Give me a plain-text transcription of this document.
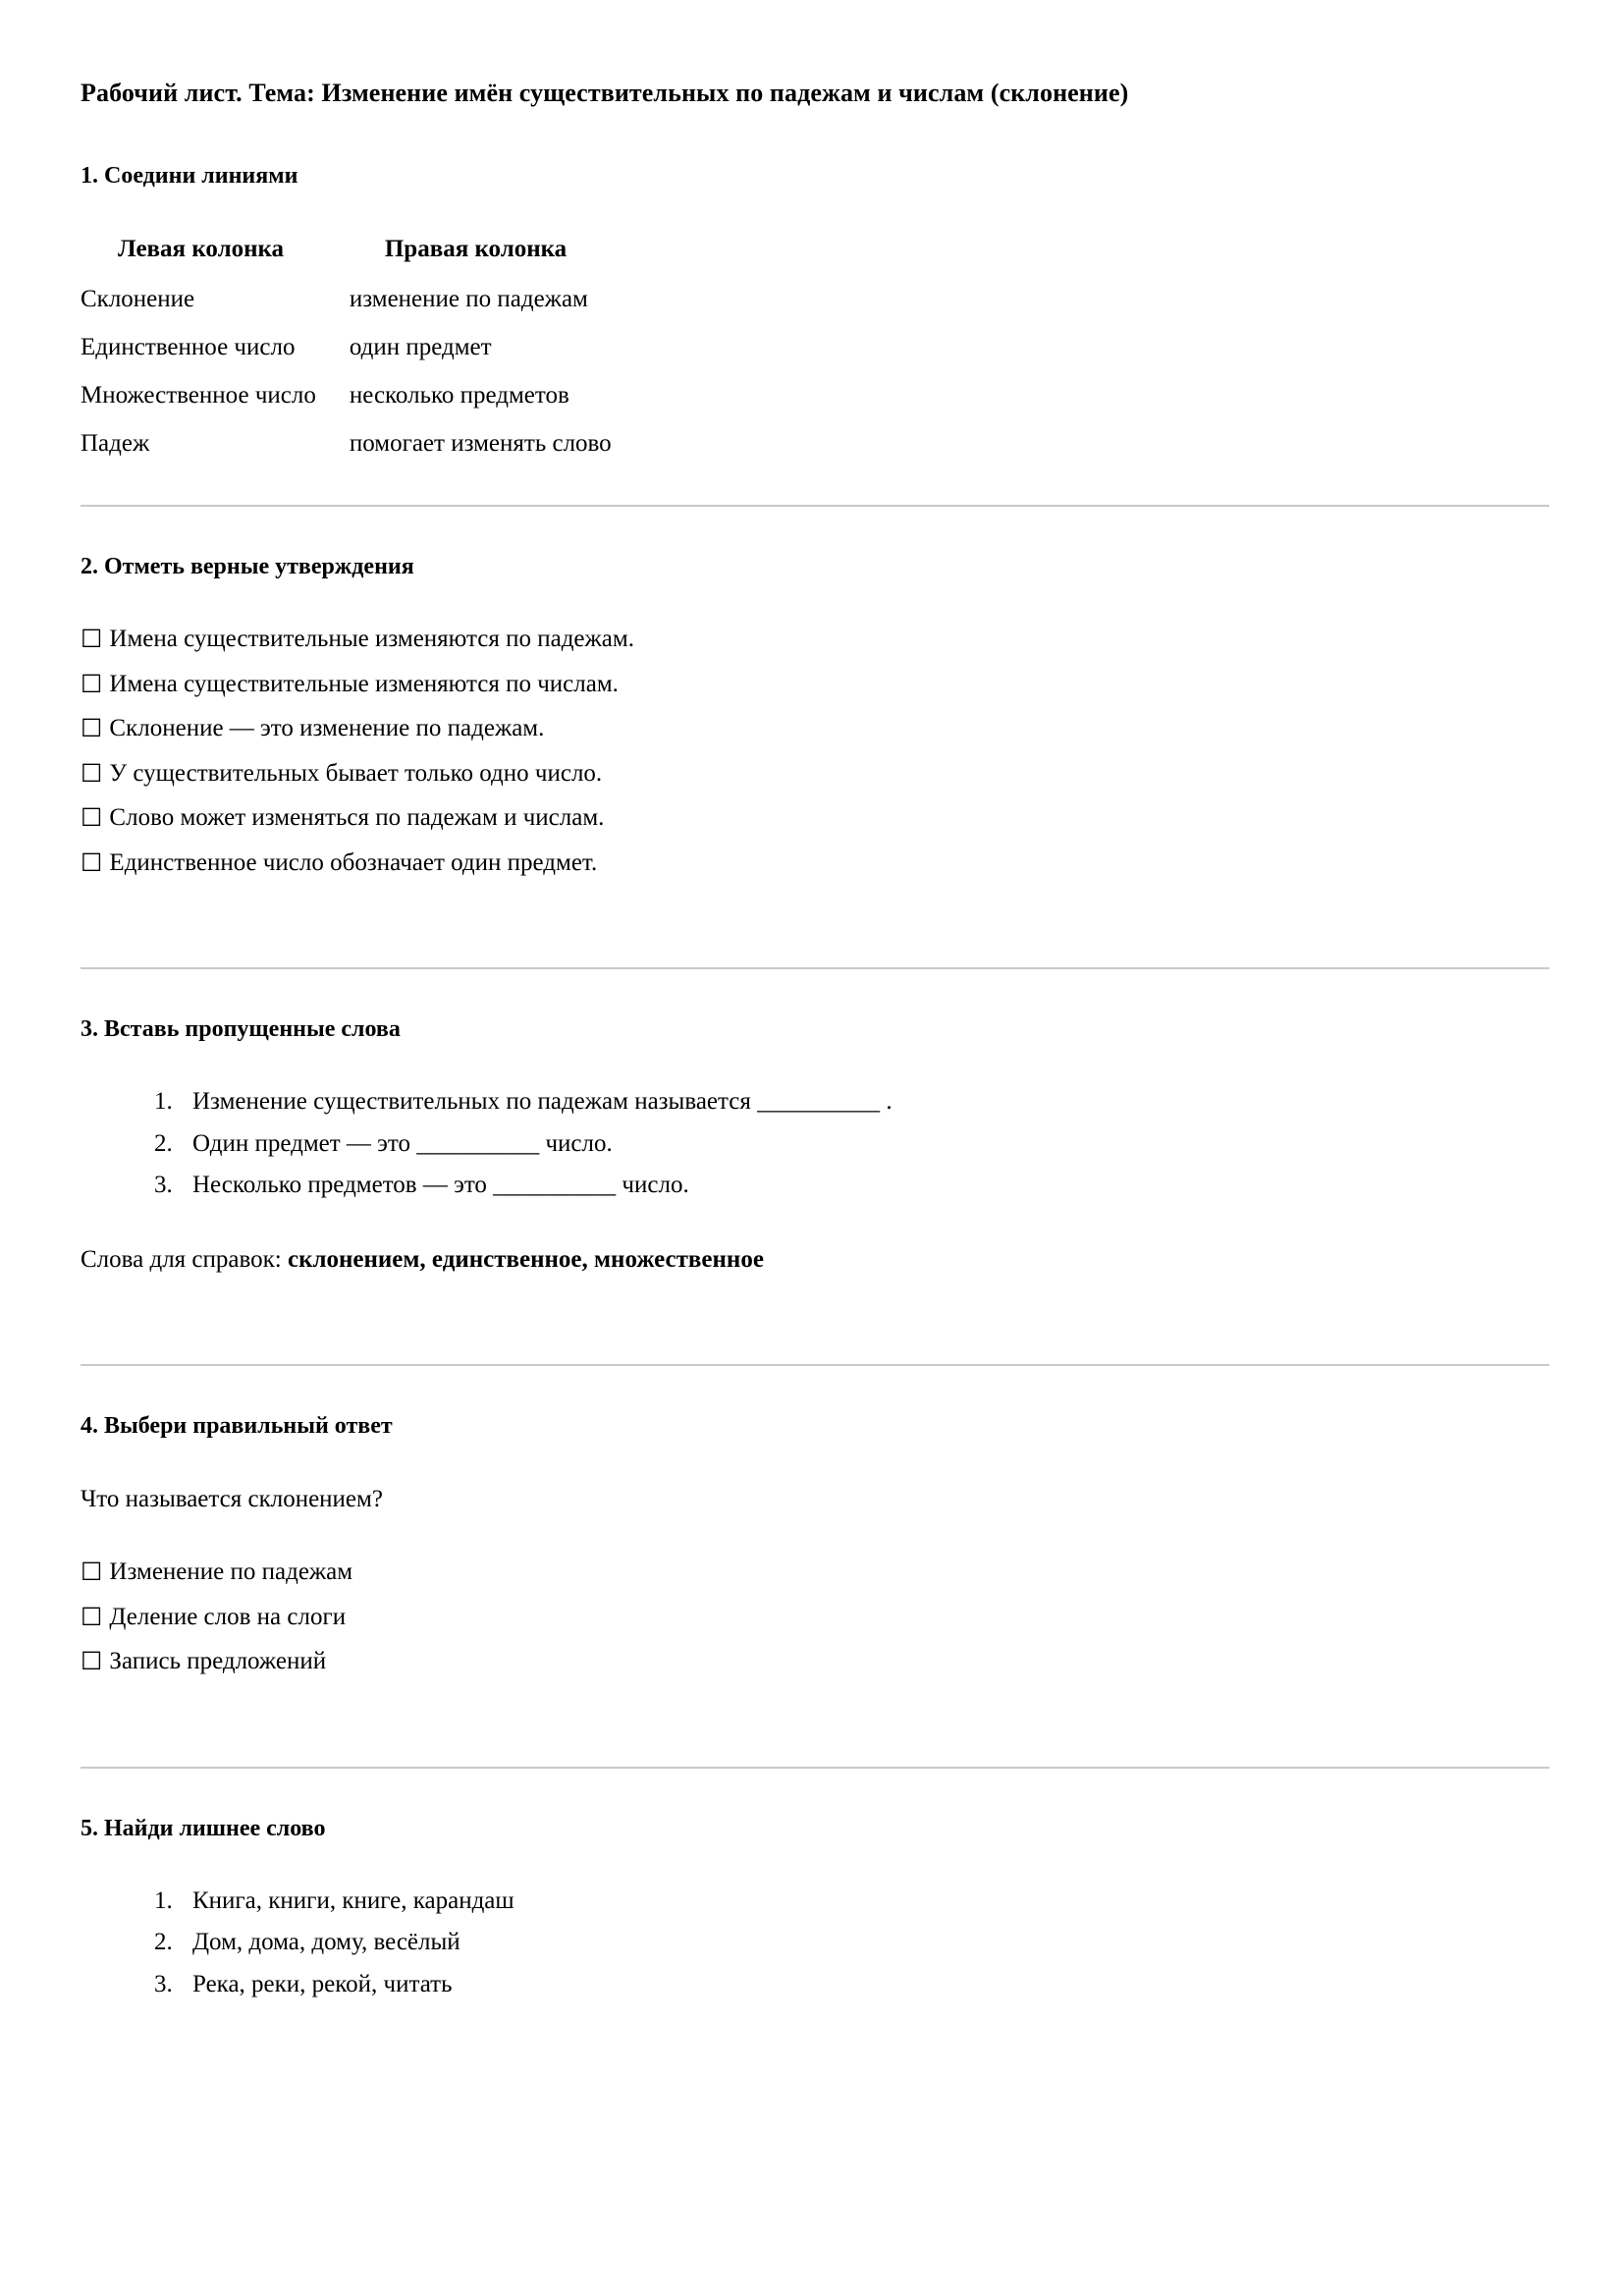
Рабочий лист. Тема: Изменение имён существительных по падежам и числам (склонение)
1. Соедини линиями
Левая колонка	Правая колонка
Склонение	изменение по падежам
Единственное число	один предмет
Множественное число	несколько предметов
Падеж	помогает изменять слово
2. Отметь верные утверждения
☐ Имена существительные изменяются по падежам.
☐ Имена существительные изменяются по числам.
☐ Склонение — это изменение по падежам.
☐ У существительных бывает только одно число.
☐ Слово может изменяться по падежам и числам.
☐ Единственное число обозначает один предмет.
3. Вставь пропущенные слова
1. Изменение существительных по падежам называется __________ .
2. Один предмет — это __________ число.
3. Несколько предметов — это __________ число.

Слова для справок: склонением, единственное, множественное

4. Выбери правильный ответ

Что называется склонением?

☐ Изменение по падежам
☐ Деление слов на слоги
☐ Запись предложений
5. Найди лишнее слово
1. Книга, книги, книге, карандаш
2. Дом, дома, дому, весёлый
3. Река, реки, рекой, читать
